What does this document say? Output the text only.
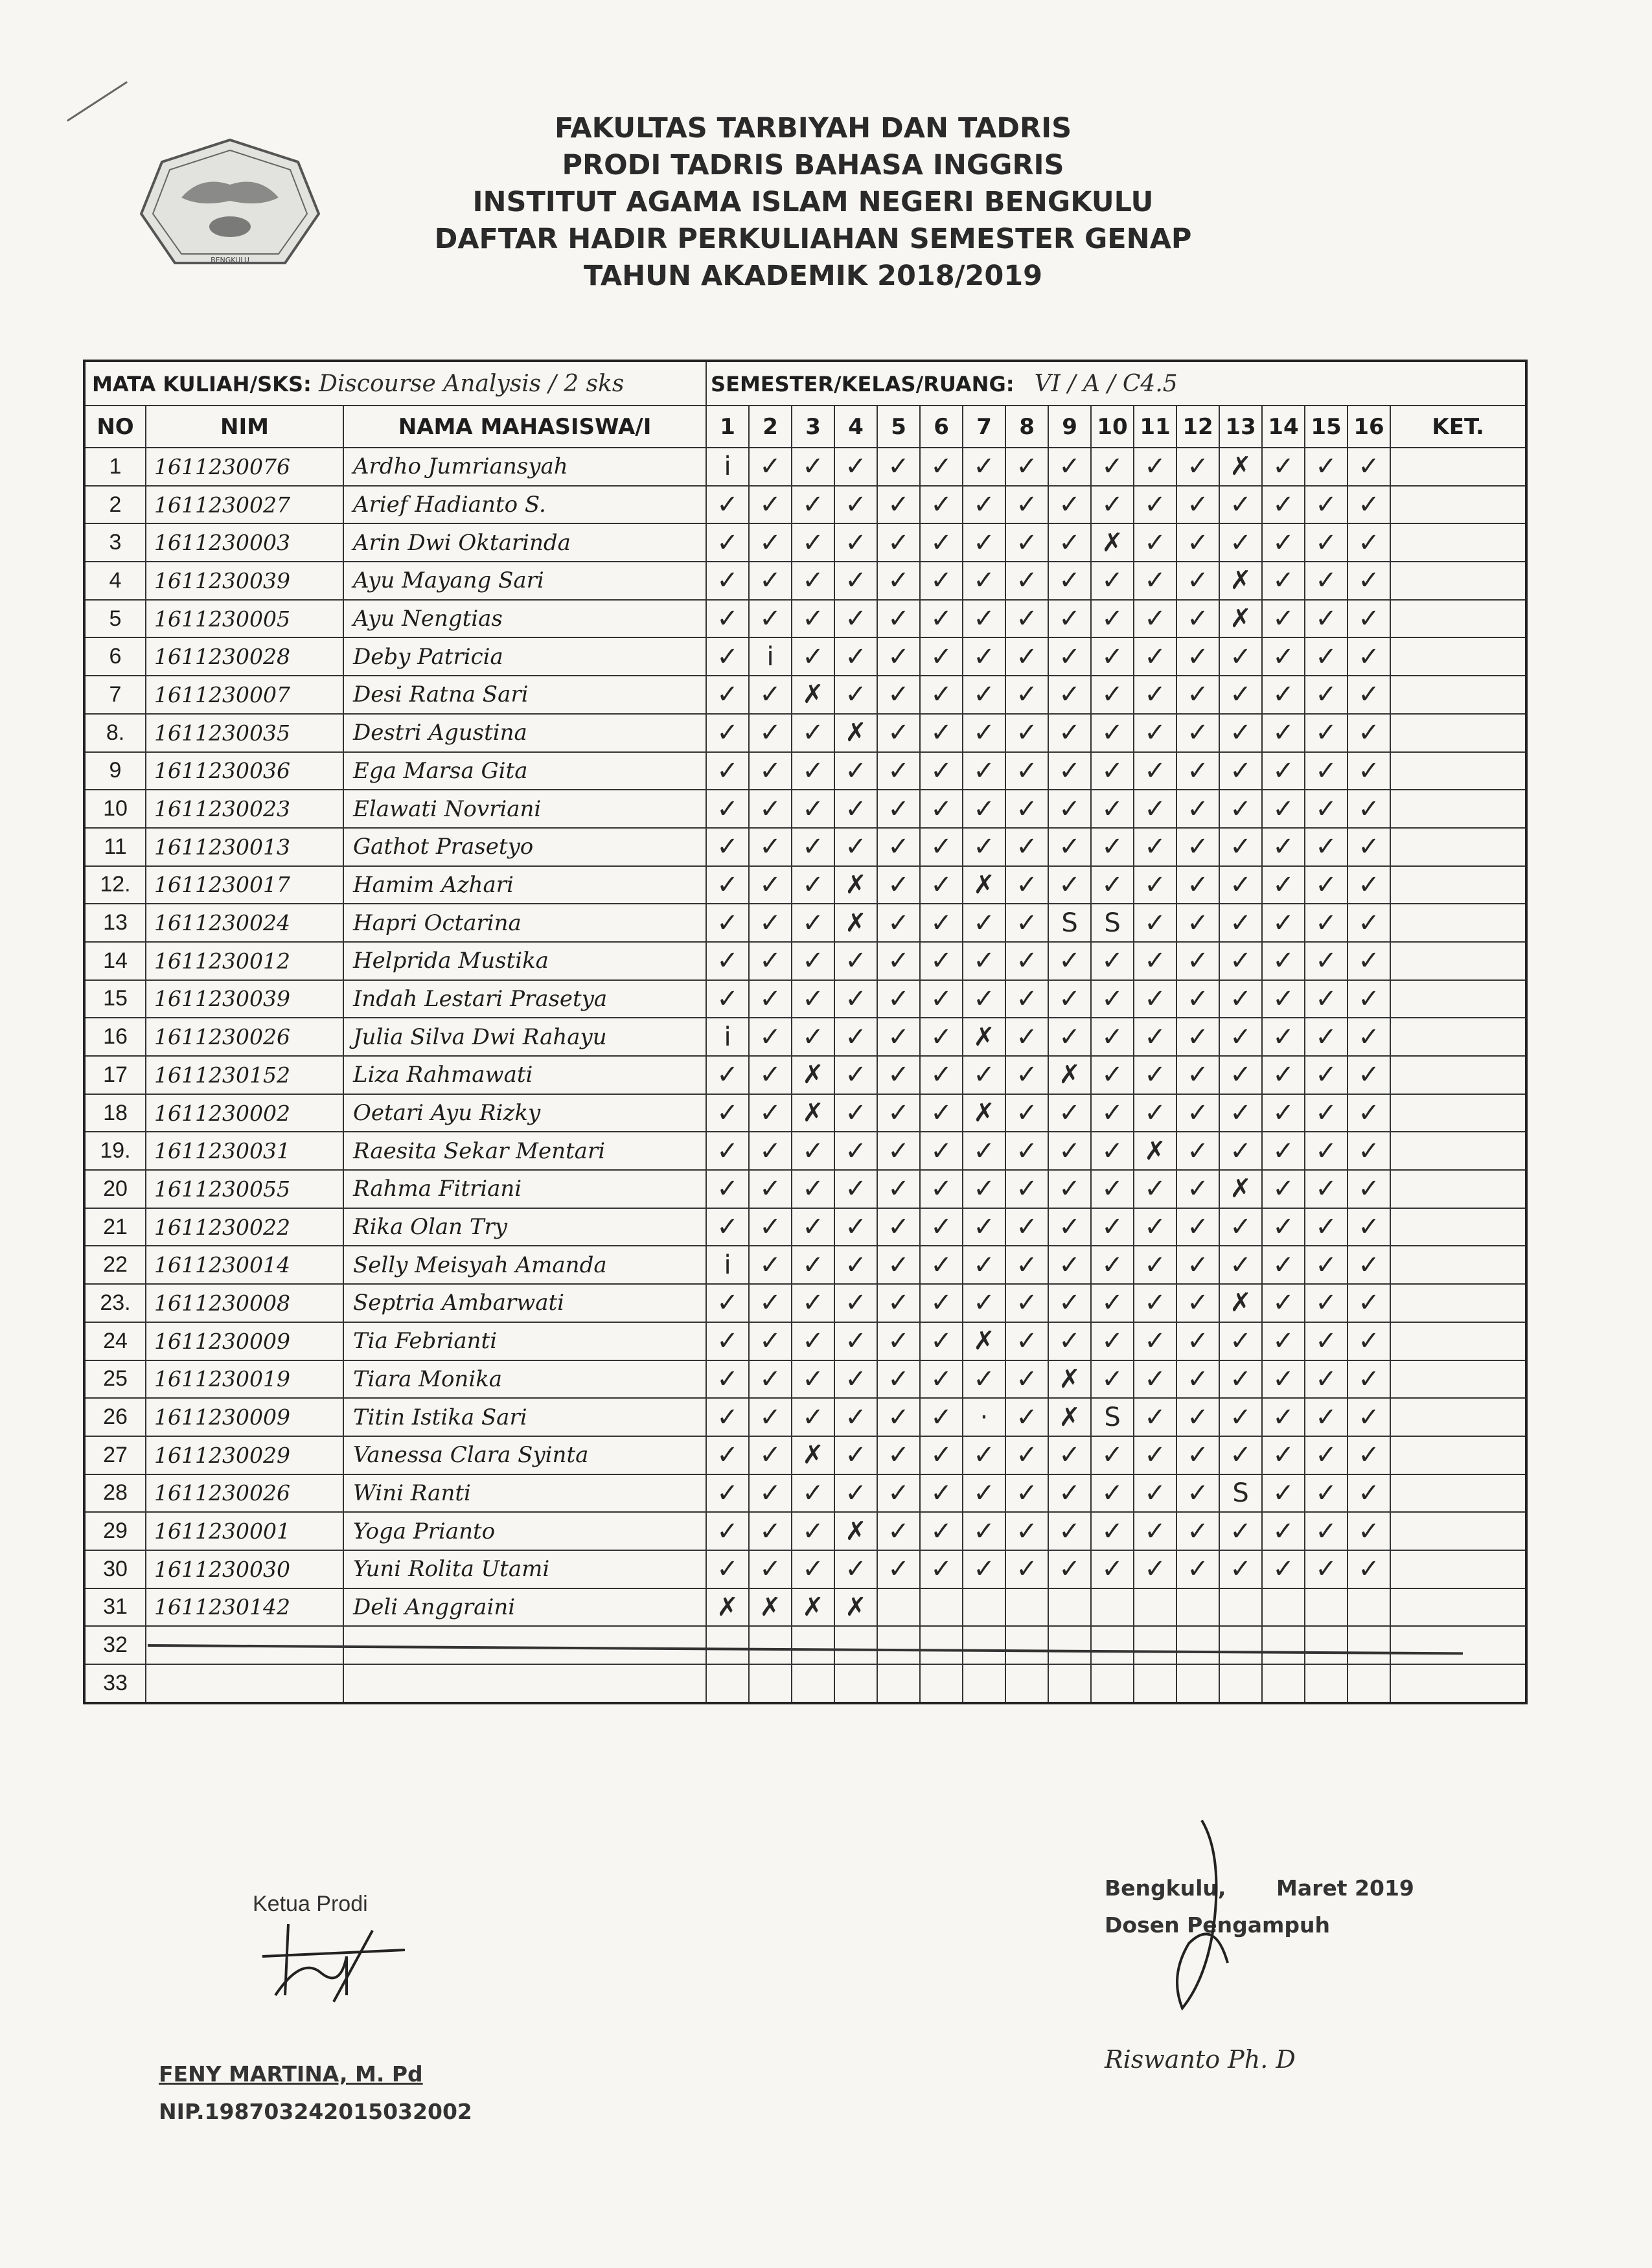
BENGKULU
FAKULTAS TARBIYAH DAN TADRIS
PRODI TADRIS BAHASA INGGRIS
INSTITUT AGAMA ISLAM NEGERI BENGKULU
DAFTAR HADIR PERKULIAHAN SEMESTER GENAP
TAHUN AKADEMIK 2018/2019
MATA KULIAH/SKS: Discourse Analysis / 2 sks			SEMESTER/KELAS/RUANG: VI / A / C4.5																
NO	NIM	NAMA MAHASISWA/I	1	2	3	4	5	6	7	8	9	10	11	12	13	14	15	16	KET.
1	1611230076	Ardho Jumriansyah	i	✓	✓	✓	✓	✓	✓	✓	✓	✓	✓	✓	✗	✓	✓	✓	
2	1611230027	Arief Hadianto S.	✓	✓	✓	✓	✓	✓	✓	✓	✓	✓	✓	✓	✓	✓	✓	✓	
3	1611230003	Arin Dwi Oktarinda	✓	✓	✓	✓	✓	✓	✓	✓	✓	✗	✓	✓	✓	✓	✓	✓	
4	1611230039	Ayu Mayang Sari	✓	✓	✓	✓	✓	✓	✓	✓	✓	✓	✓	✓	✗	✓	✓	✓	
5	1611230005	Ayu Nengtias	✓	✓	✓	✓	✓	✓	✓	✓	✓	✓	✓	✓	✗	✓	✓	✓	
6	1611230028	Deby Patricia	✓	i	✓	✓	✓	✓	✓	✓	✓	✓	✓	✓	✓	✓	✓	✓	
7	1611230007	Desi Ratna Sari	✓	✓	✗	✓	✓	✓	✓	✓	✓	✓	✓	✓	✓	✓	✓	✓	
8.	1611230035	Destri Agustina	✓	✓	✓	✗	✓	✓	✓	✓	✓	✓	✓	✓	✓	✓	✓	✓	
9	1611230036	Ega Marsa Gita	✓	✓	✓	✓	✓	✓	✓	✓	✓	✓	✓	✓	✓	✓	✓	✓	
10	1611230023	Elawati Novriani	✓	✓	✓	✓	✓	✓	✓	✓	✓	✓	✓	✓	✓	✓	✓	✓	
11	1611230013	Gathot Prasetyo	✓	✓	✓	✓	✓	✓	✓	✓	✓	✓	✓	✓	✓	✓	✓	✓	
12.	1611230017	Hamim Azhari	✓	✓	✓	✗	✓	✓	✗	✓	✓	✓	✓	✓	✓	✓	✓	✓	
13	1611230024	Hapri Octarina	✓	✓	✓	✗	✓	✓	✓	✓	S	S	✓	✓	✓	✓	✓	✓	
14	1611230012	Helprida Mustika	✓	✓	✓	✓	✓	✓	✓	✓	✓	✓	✓	✓	✓	✓	✓	✓	
15	1611230039	Indah Lestari Prasetya	✓	✓	✓	✓	✓	✓	✓	✓	✓	✓	✓	✓	✓	✓	✓	✓	
16	1611230026	Julia Silva Dwi Rahayu	i	✓	✓	✓	✓	✓	✗	✓	✓	✓	✓	✓	✓	✓	✓	✓	
17	1611230152	Liza Rahmawati	✓	✓	✗	✓	✓	✓	✓	✓	✗	✓	✓	✓	✓	✓	✓	✓	
18	1611230002	Oetari Ayu Rizky	✓	✓	✗	✓	✓	✓	✗	✓	✓	✓	✓	✓	✓	✓	✓	✓	
19.	1611230031	Raesita Sekar Mentari	✓	✓	✓	✓	✓	✓	✓	✓	✓	✓	✗	✓	✓	✓	✓	✓	
20	1611230055	Rahma Fitriani	✓	✓	✓	✓	✓	✓	✓	✓	✓	✓	✓	✓	✗	✓	✓	✓	
21	1611230022	Rika Olan Try	✓	✓	✓	✓	✓	✓	✓	✓	✓	✓	✓	✓	✓	✓	✓	✓	
22	1611230014	Selly Meisyah Amanda	i	✓	✓	✓	✓	✓	✓	✓	✓	✓	✓	✓	✓	✓	✓	✓	
23.	1611230008	Septria Ambarwati	✓	✓	✓	✓	✓	✓	✓	✓	✓	✓	✓	✓	✗	✓	✓	✓	
24	1611230009	Tia Febrianti	✓	✓	✓	✓	✓	✓	✗	✓	✓	✓	✓	✓	✓	✓	✓	✓	
25	1611230019	Tiara Monika	✓	✓	✓	✓	✓	✓	✓	✓	✗	✓	✓	✓	✓	✓	✓	✓	
26	1611230009	Titin Istika Sari	✓	✓	✓	✓	✓	✓	·	✓	✗	S	✓	✓	✓	✓	✓	✓	
27	1611230029	Vanessa Clara Syinta	✓	✓	✗	✓	✓	✓	✓	✓	✓	✓	✓	✓	✓	✓	✓	✓	
28	1611230026	Wini Ranti	✓	✓	✓	✓	✓	✓	✓	✓	✓	✓	✓	✓	S	✓	✓	✓	
29	1611230001	Yoga Prianto	✓	✓	✓	✗	✓	✓	✓	✓	✓	✓	✓	✓	✓	✓	✓	✓	
30	1611230030	Yuni Rolita Utami	✓	✓	✓	✓	✓	✓	✓	✓	✓	✓	✓	✓	✓	✓	✓	✓	
31	1611230142	Deli Anggraini	✗	✗	✗	✗													
32																			
33																			
Ketua Prodi
FENY MARTINA, M. Pd
NIP.198703242015032002
Bengkulu, Maret 2019
Dosen Pengampuh
Riswanto Ph. D
